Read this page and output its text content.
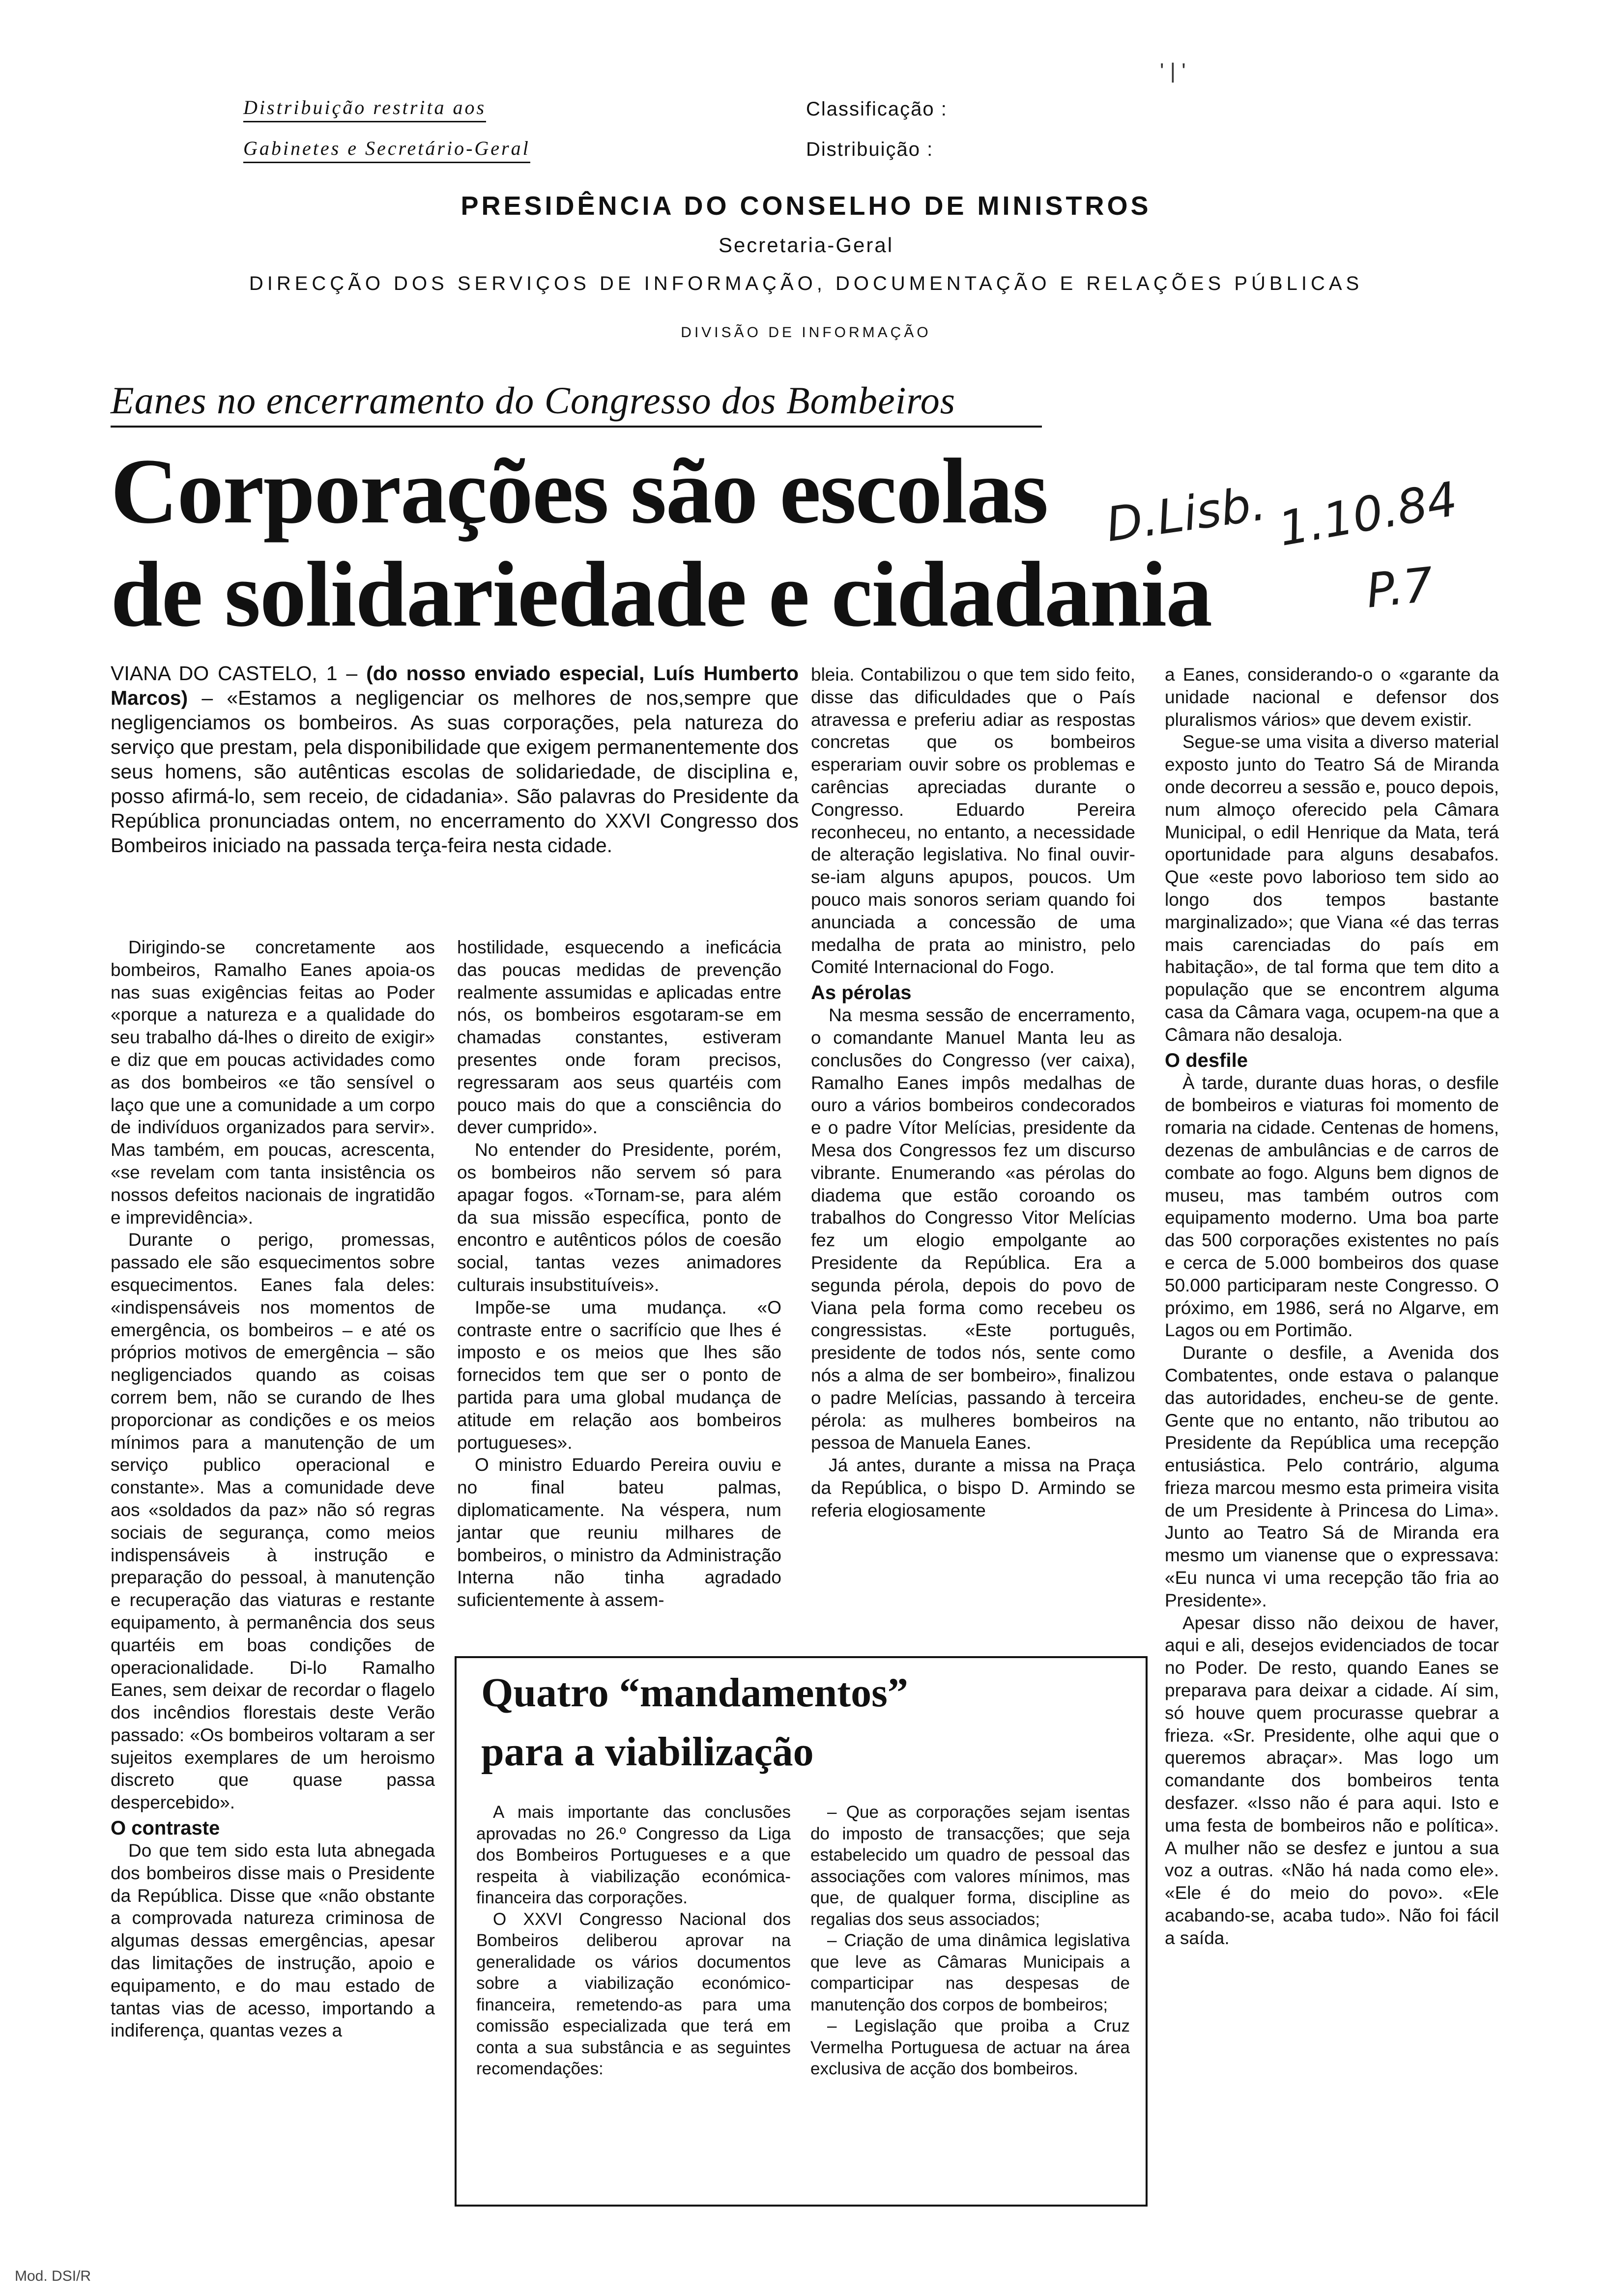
Distribuição restrita aos
Gabinetes e Secretário-Geral
Classificação :
Distribuição :
' | '
PRESIDÊNCIA DO CONSELHO DE MINISTROS
Secretaria-Geral
DIRECÇÃO DOS SERVIÇOS DE INFORMAÇÃO, DOCUMENTAÇÃO E RELAÇÕES PÚBLICAS
DIVISÃO DE INFORMAÇÃO
Eanes no encerramento do Congresso dos Bombeiros
Corporações são escolas
de solidariedade e cidadania
D.Lisb. 1.10.84
P.7
VIANA DO CASTELO, 1 – (do nosso enviado especial, Luís Humberto Marcos) – «Estamos a negligenciar os melhores de nos,sempre que negligenciamos os bombeiros. As suas corporações, pela natureza do serviço que prestam, pela disponibilidade que exigem permanentemente dos seus homens, são autênticas escolas de solidariedade, de disciplina e, posso afirmá-lo, sem receio, de cidadania». São palavras do Presidente da República pronunciadas ontem, no encerramento do XXVI Congresso dos Bombeiros iniciado na passada terça-feira nesta cidade.

Dirigindo-se concretamente aos bombeiros, Ramalho Eanes apoia-os nas suas exigências feitas ao Poder «porque a natureza e a qualidade do seu trabalho dá-lhes o direito de exigir» e diz que em poucas actividades como as dos bombeiros «e tão sensível o laço que une a comunidade a um corpo de indivíduos organizados para servir». Mas também, em poucas, acrescenta, «se revelam com tanta insistência os nossos defeitos nacionais de ingratidão e imprevidência».

Durante o perigo, promessas, passado ele são esquecimentos sobre esquecimentos. Eanes fala deles: «indispensáveis nos momentos de emergência, os bombeiros – e até os próprios motivos de emergência – são negligenciados quando as coisas correm bem, não se curando de lhes proporcionar as condições e os meios mínimos para a manutenção de um serviço publico operacional e constante». Mas a comunidade deve aos «soldados da paz» não só regras sociais de segurança, como meios indispensáveis à instrução e preparação do pessoal, à manutenção e recuperação das viaturas e restante equipamento, à permanência dos seus quartéis em boas condições de operacionalidade. Di-lo Ramalho Eanes, sem deixar de recordar o flagelo dos incêndios florestais deste Verão passado: «Os bombeiros voltaram a ser sujeitos exemplares de um heroismo discreto que quase passa despercebido».

O contraste

Do que tem sido esta luta abnegada dos bombeiros disse mais o Presidente da República. Disse que «não obstante a comprovada natureza criminosa de algumas dessas emergências, apesar das limitações de instrução, apoio e equipamento, e do mau estado de tantas vias de acesso, importando a indiferença, quantas vezes a

hostilidade, esquecendo a ineficácia das poucas medidas de prevenção realmente assumidas e aplicadas entre nós, os bombeiros esgotaram-se em chamadas constantes, estiveram presentes onde foram precisos, regressaram aos seus quartéis com pouco mais do que a consciência do dever cumprido».

No entender do Presidente, porém, os bombeiros não servem só para apagar fogos. «Tornam-se, para além da sua missão específica, ponto de encontro e autênticos pólos de coesão social, tantas vezes animadores culturais insubstituíveis».

Impõe-se uma mudança. «O contraste entre o sacrifício que lhes é imposto e os meios que lhes são fornecidos tem que ser o ponto de partida para uma global mudança de atitude em relação aos bombeiros portugueses».

O ministro Eduardo Pereira ouviu e no final bateu palmas, diplomaticamente. Na véspera, num jantar que reuniu milhares de bombeiros, o ministro da Administração Interna não tinha agradado suficientemente à assem-

bleia. Contabilizou o que tem sido feito, disse das dificuldades que o País atravessa e preferiu adiar as respostas concretas que os bombeiros esperariam ouvir sobre os problemas e carências apreciadas durante o Congresso. Eduardo Pereira reconheceu, no entanto, a necessidade de alteração legislativa. No final ouvir-se-iam alguns apupos, poucos. Um pouco mais sonoros seriam quando foi anunciada a concessão de uma medalha de prata ao ministro, pelo Comité Internacional do Fogo.

As pérolas

Na mesma sessão de encerramento, o comandante Manuel Manta leu as conclusões do Congresso (ver caixa), Ramalho Eanes impôs medalhas de ouro a vários bombeiros condecorados e o padre Vítor Melícias, presidente da Mesa dos Congressos fez um discurso vibrante. Enumerando «as pérolas do diadema que estão coroando os trabalhos do Congresso Vitor Melícias fez um elogio empolgante ao Presidente da República. Era a segunda pérola, depois do povo de Viana pela forma como recebeu os congressistas. «Este português, presidente de todos nós, sente como nós a alma de ser bombeiro», finalizou o padre Melícias, passando à terceira pérola: as mulheres bombeiros na pessoa de Manuela Eanes.

Já antes, durante a missa na Praça da República, o bispo D. Armindo se referia elogiosamente

a Eanes, considerando-o o «garante da unidade nacional e defensor dos pluralismos vários» que devem existir.

Segue-se uma visita a diverso material exposto junto do Teatro Sá de Miranda onde decorreu a sessão e, pouco depois, num almoço oferecido pela Câmara Municipal, o edil Henrique da Mata, terá oportunidade para alguns desabafos. Que «este povo laborioso tem sido ao longo dos tempos bastante marginalizado»; que Viana «é das terras mais carenciadas do país em habitação», de tal forma que tem dito a população que se encontrem alguma casa da Câmara vaga, ocupem-na que a Câmara não desaloja.

O desfile

À tarde, durante duas horas, o desfile de bombeiros e viaturas foi momento de romaria na cidade. Centenas de homens, dezenas de ambulâncias e de carros de combate ao fogo. Alguns bem dignos de museu, mas também outros com equipamento moderno. Uma boa parte das 500 corporações existentes no país e cerca de 5.000 bombeiros dos quase 50.000 participaram neste Congresso. O próximo, em 1986, será no Algarve, em Lagos ou em Portimão.

Durante o desfile, a Avenida dos Combatentes, onde estava o palanque das autoridades, encheu-se de gente. Gente que no entanto, não tributou ao Presidente da República uma recepção entusiástica. Pelo contrário, alguma frieza marcou mesmo esta primeira visita de um Presidente à Princesa do Lima». Junto ao Teatro Sá de Miranda era mesmo um vianense que o expressava: «Eu nunca vi uma recepção tão fria ao Presidente».

Apesar disso não deixou de haver, aqui e ali, desejos evidenciados de tocar no Poder. De resto, quando Eanes se preparava para deixar a cidade. Aí sim, só houve quem procurasse quebrar a frieza. «Sr. Presidente, olhe aqui que o queremos abraçar». Mas logo um comandante dos bombeiros tenta desfazer. «Isso não é para aqui. Isto e uma festa de bombeiros não e política». A mulher não se desfez e juntou a sua voz a outras. «Não há nada como ele». «Ele é do meio do povo». «Ele acabando-se, acaba tudo». Não foi fácil a saída.

Quatro “mandamentos”
para a viabilização

A mais importante das conclusões aprovadas no 26.º Congresso da Liga dos Bombeiros Portugueses e a que respeita à viabilização económica-financeira das corporações.

O XXVI Congresso Nacional dos Bombeiros deliberou aprovar na generalidade os vários documentos sobre a viabilização económico-financeira, remetendo-as para uma comissão especializada que terá em conta a sua substância e as seguintes recomendações:

– Que as corporações sejam isentas do imposto de transacções; que seja estabelecido um quadro de pessoal das associações com valores mínimos, mas que, de qualquer forma, discipline as regalias dos seus associados;

– Criação de uma dinâmica legislativa que leve as Câmaras Municipais a comparticipar nas despesas de manutenção dos corpos de bombeiros;

– Legislação que proiba a Cruz Vermelha Portuguesa de actuar na área exclusiva de acção dos bombeiros.

Mod. DSI/R
